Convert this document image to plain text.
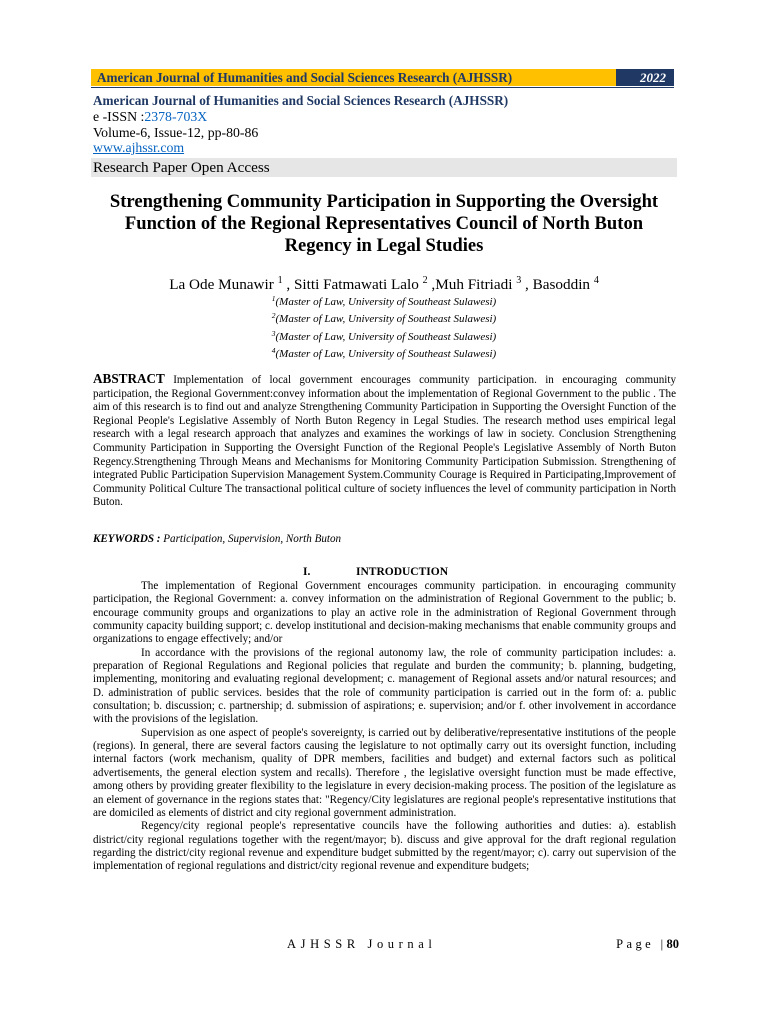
American Journal of Humanities and Social Sciences Research (AJHSSR)	2022
American Journal of Humanities and Social Sciences Research (AJHSSR)
e -ISSN :2378-703X
Volume-6, Issue-12, pp-80-86
www.ajhssr.com
Research Paper Open Access
Strengthening Community Participation in Supporting the Oversight Function of the Regional Representatives Council of North Buton Regency in Legal Studies
La Ode Munawir $^1$ , Sitti Fatmawati Lalo $^2$ ,Muh Fitriadi $^3$ , Basoddin $^4$
$^1$(Master of Law, University of Southeast Sulawesi)
$^2$(Master of Law, University of Southeast Sulawesi)
$^3$(Master of Law, University of Southeast Sulawesi)
$^4$(Master of Law, University of Southeast Sulawesi)
ABSTRACT Implementation of local government encourages community participation. in encouraging community participation, the Regional Government:convey information about the implementation of Regional Government to the public . The aim of this research is to find out and analyze Strengthening Community Participation in Supporting the Oversight Function of the Regional People's Legislative Assembly of North Buton Regency in Legal Studies. The research method uses empirical legal research with a legal research approach that analyzes and examines the workings of law in society. Conclusion Strengthening Community Participation in Supporting the Oversight Function of the Regional People's Legislative Assembly of North Buton Regency.Strengthening Through Means and Mechanisms for Monitoring Community Participation Submission. Strengthening of integrated Public Participation Supervision Management System.Community Courage is Required in Participating,Improvement of Community Political Culture The transactional political culture of society influences the level of community participation in North Buton.
KEYWORDS : Participation, Supervision, North Buton
I.	INTRODUCTION

The implementation of Regional Government encourages community participation. in encouraging community participation, the Regional Government: a. convey information on the administration of Regional Government to the public; b. encourage community groups and organizations to play an active role in the administration of Regional Government through community capacity building support; c. develop institutional and decision-making mechanisms that enable community groups and organizations to engage effectively; and/or

In accordance with the provisions of the regional autonomy law, the role of community participation includes: a. preparation of Regional Regulations and Regional policies that regulate and burden the community; b. planning, budgeting, implementing, monitoring and evaluating regional development; c. management of Regional assets and/or natural resources; and D. administration of public services. besides that the role of community participation is carried out in the form of: a. public consultation; b. discussion; c. partnership; d. submission of aspirations; e. supervision; and/or f. other involvement in accordance with the provisions of the legislation.

Supervision as one aspect of people's sovereignty, is carried out by deliberative/representative institutions of the people (regions). In general, there are several factors causing the legislature to not optimally carry out its oversight function, including internal factors (work mechanism, quality of DPR members, facilities and budget) and external factors such as political advertisements, the general election system and recalls). Therefore , the legislative oversight function must be made effective, among others by providing greater flexibility to the legislature in every decision-making process. The position of the legislature as an element of governance in the regions states that: "Regency/City legislatures are regional people's representative institutions that are domiciled as elements of district and city regional government administration.

Regency/city regional people's representative councils have the following authorities and duties: a). establish district/city regional regulations together with the regent/mayor; b). discuss and give approval for the draft regional regulation regarding the district/city regional revenue and expenditure budget submitted by the regent/mayor; c). carry out supervision of the implementation of regional regulations and district/city regional revenue and expenditure budgets;

AJHSSR Journal	Page |80
